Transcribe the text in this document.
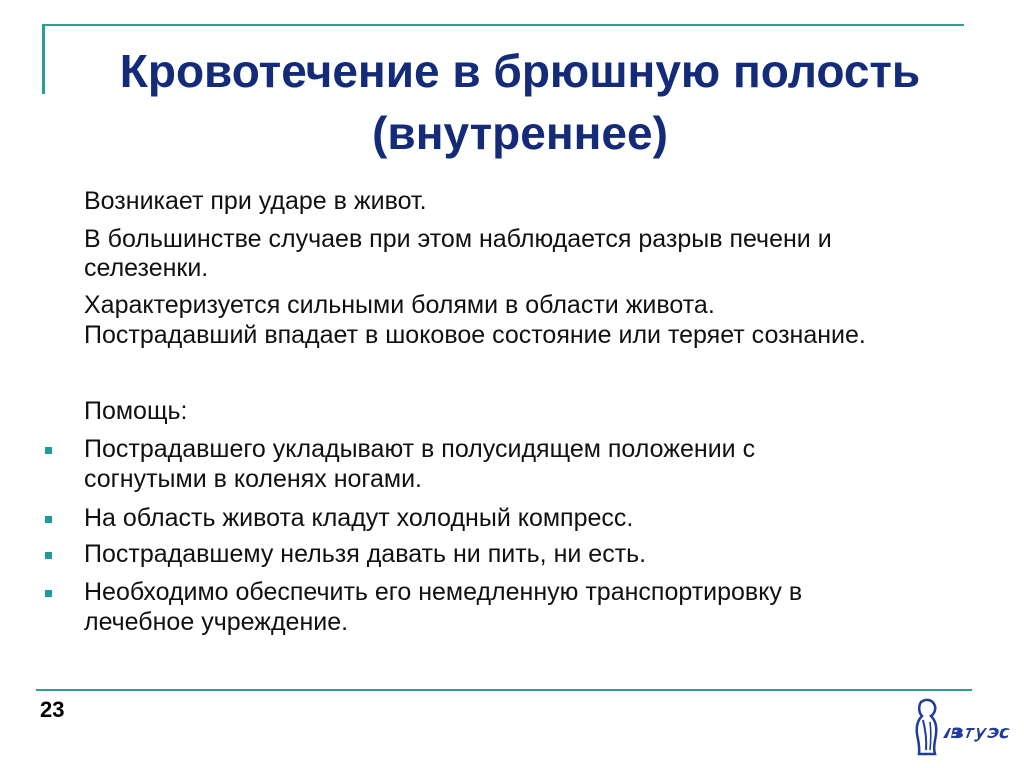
Кровотечение в брюшную полость
(внутреннее)
Возникает при ударе в живот.
В большинстве случаев при этом наблюдается разрыв печени и
селезенки.
Характеризуется сильными болями в области живота.
Пострадавший впадает в шоковое состояние или теряет сознание.
Помощь:
Пострадавшего укладывают в полусидящем положении с
согнутыми в коленях ногами.
На область живота кладут холодный компресс.
Пострадавшему нельзя давать ни пить, ни есть.
Необходимо обеспечить его немедленную транспортировку в
лечебное учреждение.
23
